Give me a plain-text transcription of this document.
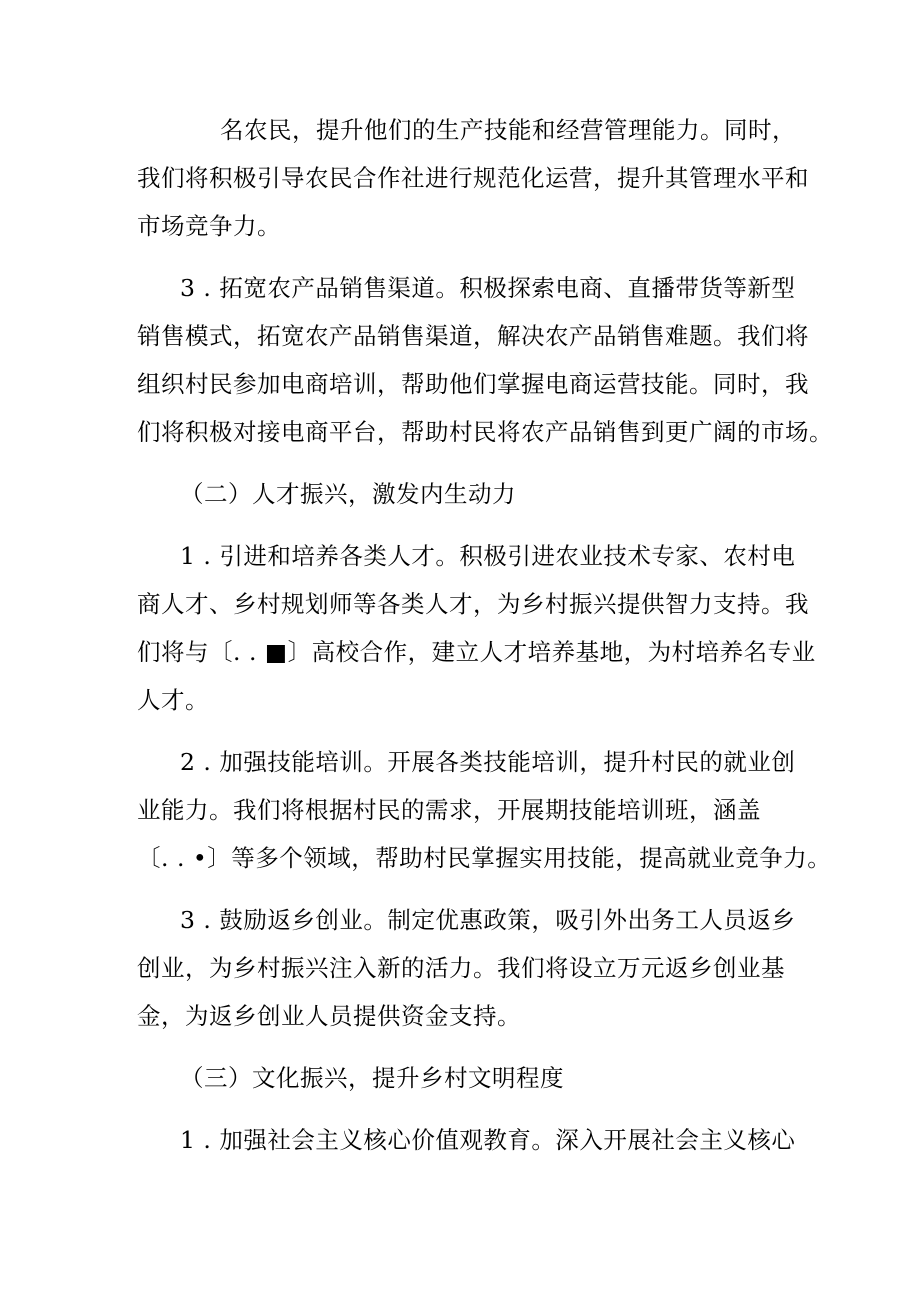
名农民，提升他们的生产技能和经营管理能力。同时，
我们将积极引导农民合作社进行规范化运营，提升其管理水平和
市场竞争力。
3 . 拓宽农产品销售渠道。积极探索电商、直播带货等新型
销售模式，拓宽农产品销售渠道，解决农产品销售难题。我们将
组织村民参加电商培训，帮助他们掌握电商运营技能。同时，我
们将积极对接电商平台，帮助村民将农产品销售到更广阔的市场。
（二）人才振兴，激发内生动力
1 . 引进和培养各类人才。积极引进农业技术专家、农村电
商人才、乡村规划师等各类人才，为乡村振兴提供智力支持。我
们将与〔. . ■〕高校合作，建立人才培养基地，为村培养名专业
人才。
2 . 加强技能培训。开展各类技能培训，提升村民的就业创
业能力。我们将根据村民的需求，开展期技能培训班，涵盖
〔. . •〕等多个领域，帮助村民掌握实用技能，提高就业竞争力。
3 . 鼓励返乡创业。制定优惠政策，吸引外出务工人员返乡
创业，为乡村振兴注入新的活力。我们将设立万元返乡创业基
金，为返乡创业人员提供资金支持。
（三）文化振兴，提升乡村文明程度
1 . 加强社会主义核心价值观教育。深入开展社会主义核心
